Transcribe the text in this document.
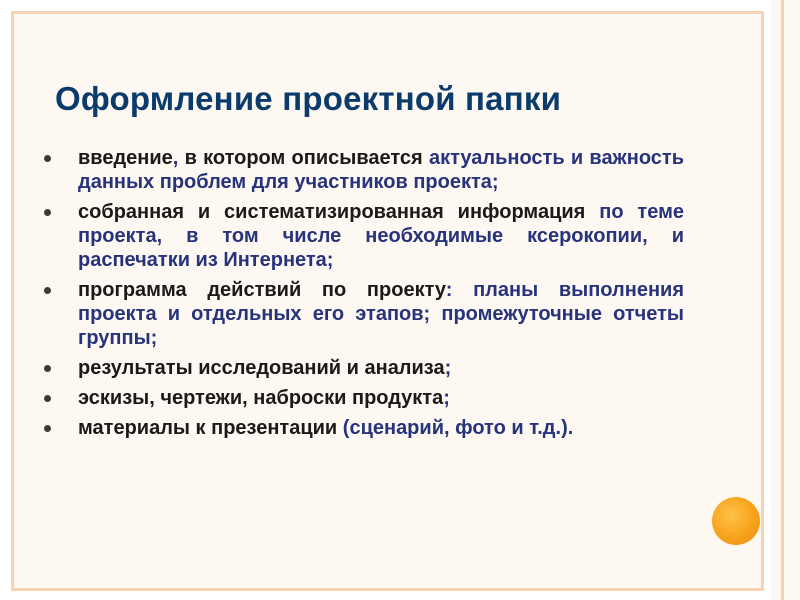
Оформление проектной папки
введение, в котором описывается актуальность и важность данных проблем для участников проекта;
собранная и систематизированная информация по теме проекта, в том числе необходимые ксерокопии, и распечатки из Интернета;
программа действий по проекту: планы выполнения проекта и отдельных его этапов; промежуточные отчеты группы;
результаты исследований и анализа;
эскизы, чертежи, наброски продукта;
материалы к презентации (сценарий, фото и т.д.).
